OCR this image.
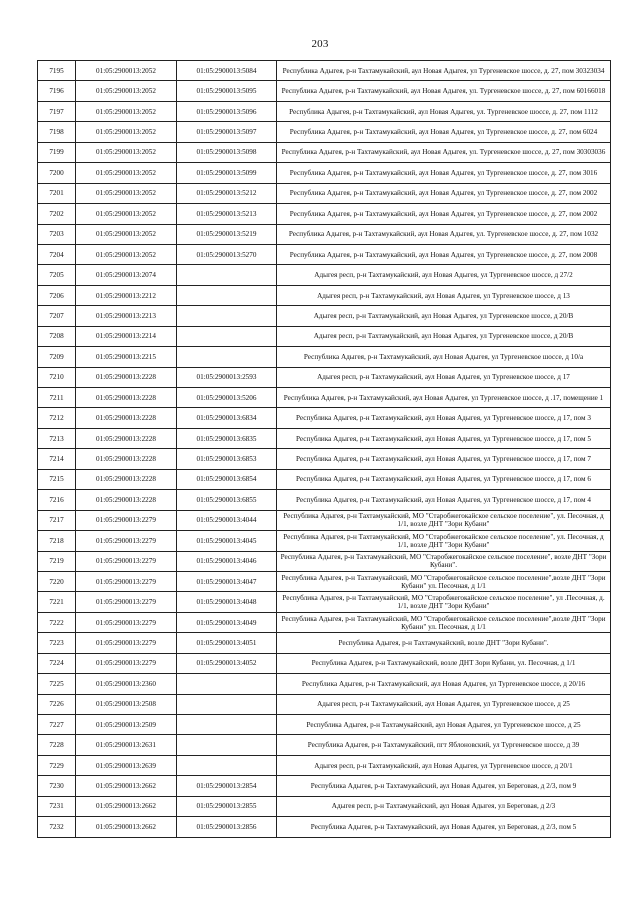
203
7195	01:05:2900013:2052	01:05:2900013:5084	Республика Адыгея, р-н Тахтамукайский, аул Новая Адыгея, ул Тургеневское шоссе, д. 27, пом 30323034
7196	01:05:2900013:2052	01:05:2900013:5095	Республика Адыгея, р-н Тахтамукайский, аул Новая Адыгея, ул. Тургеневское шоссе, д. 27, пом 60166018
7197	01:05:2900013:2052	01:05:2900013:5096	Республика Адыгея, р-н Тахтамукайский, аул Новая Адыгея, ул. Тургеневское шоссе, д. 27, пом 1112
7198	01:05:2900013:2052	01:05:2900013:5097	Республика Адыгея, р-н Тахтамукайский, аул Новая Адыгея, ул Тургеневское шоссе, д. 27, пом 6024
7199	01:05:2900013:2052	01:05:2900013:5098	Республика Адыгея, р-н Тахтамукайский, аул Новая Адыгея, ул. Тургеневское шоссе, д. 27, пом 30303036
7200	01:05:2900013:2052	01:05:2900013:5099	Республика Адыгея, р-н Тахтамукайский, аул Новая Адыгея, ул Тургеневское шоссе, д. 27, пом 3016
7201	01:05:2900013:2052	01:05:2900013:5212	Республика Адыгея, р-н Тахтамукайский, аул Новая Адыгея, ул Тургеневское шоссе, д. 27, пом 2002
7202	01:05:2900013:2052	01:05:2900013:5213	Республика Адыгея, р-н Тахтамукайский, аул Новая Адыгея, ул Тургеневское шоссе, д. 27, пом 2002
7203	01:05:2900013:2052	01:05:2900013:5219	Республика Адыгея, р-н Тахтамукайский, аул Новая Адыгея, ул. Тургеневское шоссе, д. 27, пом 1032
7204	01:05:2900013:2052	01:05:2900013:5270	Республика Адыгея, р-н Тахтамукайский, аул Новая Адыгея, ул Тургеневское шоссе, д. 27, пом 2008
7205	01:05:2900013:2074		Адыгея респ, р-н Тахтамукайский, аул Новая Адыгея, ул Тургеневское шоссе, д 27/2
7206	01:05:2900013:2212		Адыгея респ, р-н Тахтамукайский, аул Новая Адыгея, ул Тургеневское шоссе, д 13
7207	01:05:2900013:2213		Адыгея респ, р-н Тахтамукайский, аул Новая Адыгея, ул Тургеневское шоссе, д 20/В
7208	01:05:2900013:2214		Адыгея респ, р-н Тахтамукайский, аул Новая Адыгея, ул Тургеневское шоссе, д 20/В
7209	01:05:2900013:2215		Республика Адыгея, р-н Тахтамукайский, аул Новая Адыгея, ул Тургеневское шоссе, д 10/а
7210	01:05:2900013:2228	01:05:2900013:2593	Адыгея респ, р-н Тахтамукайский, аул Новая Адыгея, ул Тургеневское шоссе, д 17
7211	01:05:2900013:2228	01:05:2900013:5206	Республика Адыгея, р-н Тахтамукайский, аул Новая Адыгея, ул Тургеневское шоссе, д .17, помещение 1
7212	01:05:2900013:2228	01:05:2900013:6834	Республика Адыгея, р-н Тахтамукайский, аул Новая Адыгея, ул Тургеневское шоссе, д 17, пом 3
7213	01:05:2900013:2228	01:05:2900013:6835	Республика Адыгея, р-н Тахтамукайский, аул Новая Адыгея, ул Тургеневское шоссе, д 17, пом 5
7214	01:05:2900013:2228	01:05:2900013:6853	Республика Адыгея, р-н Тахтамукайский, аул Новая Адыгея, ул Тургеневское шоссе, д 17, пом 7
7215	01:05:2900013:2228	01:05:2900013:6854	Республика Адыгея, р-н Тахтамукайский, аул Новая Адыгея, ул Тургеневское шоссе, д 17, пом 6
7216	01:05:2900013:2228	01:05:2900013:6855	Республика Адыгея, р-н Тахтамукайский, аул Новая Адыгея, ул Тургеневское шоссе, д 17, пом 4
7217	01:05:2900013:2279	01:05:2900013:4044	Республика Адыгея, р-н Тахтамукайский, МО "Старобжегокайское сельское поселение", ул. Песочная, д 1/1, возле ДНТ "Зори Кубани"
7218	01:05:2900013:2279	01:05:2900013:4045	Республика Адыгея, р-н Тахтамукайский, МО "Старобжегокайское сельское поселение", ул. Песочная, д 1/1, возле ДНТ "Зори Кубани"
7219	01:05:2900013:2279	01:05:2900013:4046	Республика Адыгея, р-н Тахтамукайский, МО "Старобжегокайское сельское поселение", возле ДНТ "Зори Кубани".
7220	01:05:2900013:2279	01:05:2900013:4047	Республика Адыгея, р-н Тахтамукайский, МО "Старобжегокайское сельское поселение",возле ДНТ "Зори Кубани" ул. Песочная, д 1/1
7221	01:05:2900013:2279	01:05:2900013:4048	Республика Адыгея, р-н Тахтамукайский, МО "Старобжегокайское сельское поселение", ул .Песочная, д. 1/1, возле ДНТ "Зори Кубани"
7222	01:05:2900013:2279	01:05:2900013:4049	Республика Адыгея, р-н Тахтамукайский, МО "Старобжегокайское сельское поселение",возле ДНТ "Зори Кубани" ул. Песочная, д 1/1
7223	01:05:2900013:2279	01:05:2900013:4051	Республика Адыгея, р-н Тахтамукайский, возле ДНТ "Зори Кубани".
7224	01:05:2900013:2279	01:05:2900013:4052	Республика Адыгея, р-н Тахтамукайский, возле ДНТ Зори Кубани, ул. Песочная, д 1/1
7225	01:05:2900013:2360		Республика Адыгея, р-н Тахтамукайский, аул Новая Адыгея, ул Тургеневское шоссе, д 20/16
7226	01:05:2900013:2508		Адыгея респ, р-н Тахтамукайский, аул Новая Адыгея, ул Тургеневское шоссе, д 25
7227	01:05:2900013:2509		Республика Адыгея, р-н Тахтамукайский, аул Новая Адыгея, ул Тургеневское шоссе, д 25
7228	01:05:2900013:2631		Республика Адыгея, р-н Тахтамукайский, пгт Яблоновский, ул Тургеневское шоссе, д 39
7229	01:05:2900013:2639		Адыгея респ, р-н Тахтамукайский, аул Новая Адыгея, ул Тургеневское шоссе, д 20/1
7230	01:05:2900013:2662	01:05:2900013:2854	Республика Адыгея, р-н Тахтамукайский, аул Новая Адыгея, ул Береговая, д 2/3, пом 9
7231	01:05:2900013:2662	01:05:2900013:2855	Адыгея респ, р-н Тахтамукайский, аул Новая Адыгея, ул Береговая, д 2/3
7232	01:05:2900013:2662	01:05:2900013:2856	Республика Адыгея, р-н Тахтамукайский, аул Новая Адыгея, ул Береговая, д 2/3, пом 5
